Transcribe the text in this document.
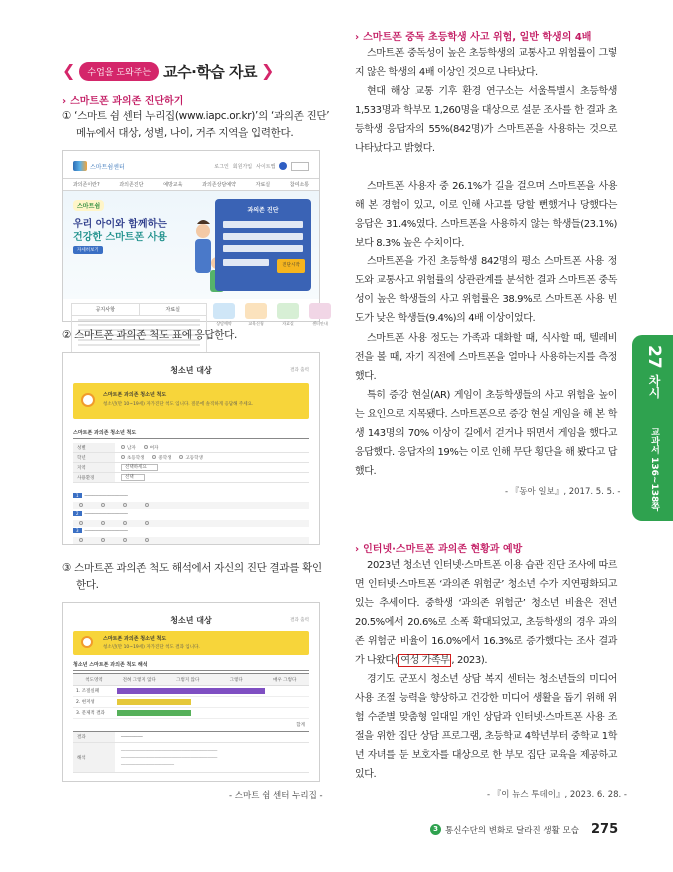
❮	수업을 도와주는 교수·학습 자료 ❯
› 스마트폰 과의존 진단하기
① ‘스마트 쉼 센터 누리집(www.iapc.or.kr)’의 ‘과의존 진단’
메뉴에서 대상, 성별, 나이, 거주 지역을 입력한다.
스마트쉼센터	로그인 회원가입 사이트맵

과의존이란?	과의존진단	예방교육	과의존상담예약	자료실	참여소통
스마트쉼
우리 아이와 함께하는
건강한 스마트폰 사용
자세히보기
과의존 진단
진단시작
공지사항	자료실
상담예약	교육신청	자료실	센터안내
② 스마트폰 과의존 척도 표에 응답한다.
청소년 대상	결과 출력
스마트폰 과의존 청소년 척도
청소년(만 10~19세) 자가진단 척도 입니다. 질문에 솔직하게 응답해 주세요.
스마트폰 과의존 청소년 척도
성별	남자	여자
학년	초등학생	중학생	고등학생
지역	선택하세요
사용환경	선택
1 ────────────────
2 ────────────────
3 ────────────────
③ 스마트폰 과의존 척도 해석에서 자신의 진단 결과를 확인
한다.
청소년 대상	결과 출력
스마트폰 과의존 청소년 척도
청소년(만 10~19세) 자가진단 척도 결과 입니다.
청소년 스마트폰 과의존 척도 해석
척도영역	전혀 그렇지 않다	그렇지 않다	그렇다	매우 그렇다
1. 조절실패
2. 현저성
3. 문제적 결과
합계
결과	────────
해석
────────────────────────────────────────
────────────────────────────────────────
──────────────────────
- 스마트 쉼 센터 누리집 -
› 스마트폰 중독 초등학생 사고 위험, 일반 학생의 4배
스마트폰 중독성이 높은 초등학생의 교통사고 위험률이 그렇지 않은 학생의 4배 이상인 것으로 나타났다.
현대 해상 교통 기후 환경 연구소는 서울특별시 초등학생 1,533명과 학부모 1,260명을 대상으로 설문 조사를 한 결과 초등학생 응답자의 55%(842명)가 스마트폰을 사용하는 것으로 나타났다고 밝혔다.
스마트폰 사용자 중 26.1%가 길을 걸으며 스마트폰을 사용해 본 경험이 있고, 이로 인해 사고를 당할 뻔했거나 당했다는 응답은 31.4%였다. 스마트폰을 사용하지 않는 학생들(23.1%)보다 8.3% 높은 수치이다.
스마트폰을 가진 초등학생 842명의 평소 스마트폰 사용 정도와 교통사고 위험률의 상관관계를 분석한 결과 스마트폰 중독성이 높은 학생들의 사고 위험률은 38.9%로 스마트폰 사용 빈도가 낮은 학생들(9.4%)의 4배 이상이었다.
스마트폰 사용 정도는 가족과 대화할 때, 식사할 때, 텔레비전을 볼 때, 자기 직전에 스마트폰을 얼마나 사용하는지를 측정했다.
특히 증강 현실(AR) 게임이 초등학생들의 사고 위험을 높이는 요인으로 지목됐다. 스마트폰으로 증강 현실 게임을 해 본 학생 143명의 70% 이상이 길에서 걷거나 뛰면서 게임을 했다고 응답했다. 응답자의 19%는 이로 인해 무단 횡단을 해 봤다고 답했다.
- 『동아 일보』, 2017. 5. 5. -
› 인터넷·스마트폰 과의존 현황과 예방
2023년 청소년 인터넷·스마트폰 이용 습관 진단 조사에 따르면 인터넷·스마트폰 ‘과의존 위험군’ 청소년 수가 지연평화되고 있는 추세이다. 중학생 ‘과의존 위험군’ 청소년 비율은 전년 20.5%에서 20.6%로 소폭 확대되었고, 초등학생의 경우 과의존 위험군 비율이 16.0%에서 16.3%로 증가했다는 조사 결과가 나왔다( 여성 가족부 , 2023).
경기도 군포시 청소년 상담 복지 센터는 청소년들의 미디어 사용 조절 능력을 향상하고 건강한 미디어 생활을 돕기 위해 위험 수준별 맞춤형 일대일 개인 상담과 인터넷·스마트폰 사용 조절을 위한 집단 상담 프로그램, 초등학교 4학년부터 중학교 1학년 자녀를 둔 보호자를 대상으로 한 부모 집단 교육을 제공하고 있다.
- 『이 뉴스 투데이』, 2023. 6. 28. -
27 차시  교과서 136~138쪽
3 통신수단의 변화로 달라진 생활 모습 275
